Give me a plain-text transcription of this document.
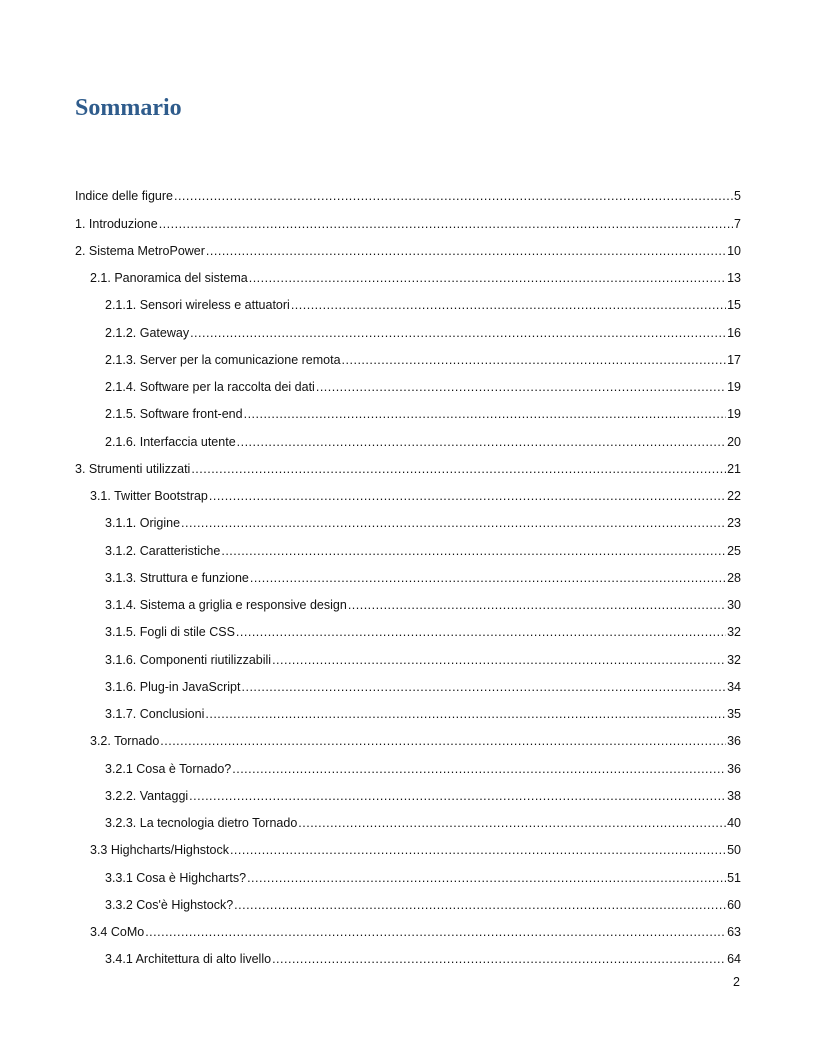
Sommario
Indice delle figure .....	5
1. Introduzione .....	7
2. Sistema MetroPower .....	10
2.1. Panoramica del sistema .....	13
2.1.1. Sensori wireless e attuatori .....	15
2.1.2. Gateway .....	16
2.1.3. Server per la comunicazione remota .....	17
2.1.4. Software per la raccolta dei dati .....	19
2.1.5. Software front-end .....	19
2.1.6. Interfaccia utente .....	20
3. Strumenti utilizzati .....	21
3.1. Twitter Bootstrap .....	22
3.1.1. Origine .....	23
3.1.2. Caratteristiche .....	25
3.1.3. Struttura e funzione .....	28
3.1.4. Sistema a griglia e responsive design .....	30
3.1.5. Fogli di stile CSS .....	32
3.1.6. Componenti riutilizzabili .....	32
3.1.6. Plug-in JavaScript .....	34
3.1.7. Conclusioni .....	35
3.2. Tornado .....	36
3.2.1 Cosa è Tornado? .....	36
3.2.2. Vantaggi .....	38
3.2.3. La tecnologia dietro Tornado .....	40
3.3 Highcharts/Highstock .....	50
3.3.1 Cosa è Highcharts? .....	51
3.3.2 Cos'è Highstock? .....	60
3.4 CoMo .....	63
3.4.1 Architettura di alto livello .....	64
2
